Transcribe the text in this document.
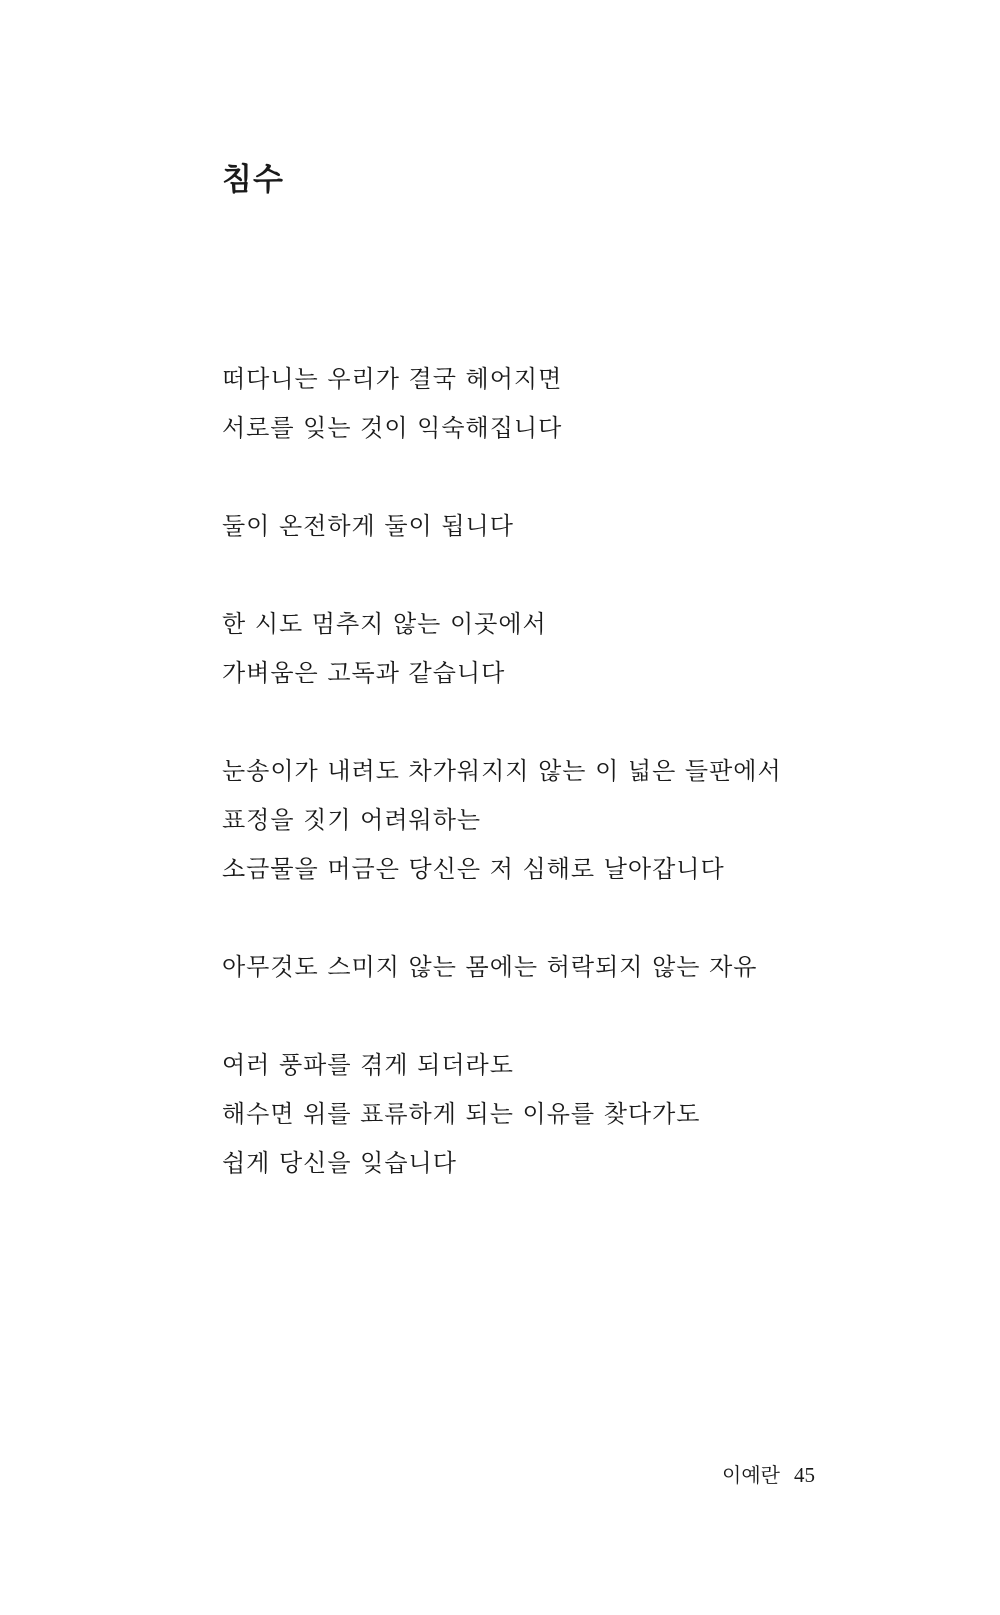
침수
떠다니는 우리가 결국 헤어지면
서로를 잊는 것이 익숙해집니다
둘이 온전하게 둘이 됩니다
한 시도 멈추지 않는 이곳에서
가벼움은 고독과 같습니다
눈송이가 내려도 차가워지지 않는 이 넓은 들판에서
표정을 짓기 어려워하는
소금물을 머금은 당신은 저 심해로 날아갑니다
아무것도 스미지 않는 몸에는 허락되지 않는 자유
여러 풍파를 겪게 되더라도
해수면 위를 표류하게 되는 이유를 찾다가도
쉽게 당신을 잊습니다
이예란 45
